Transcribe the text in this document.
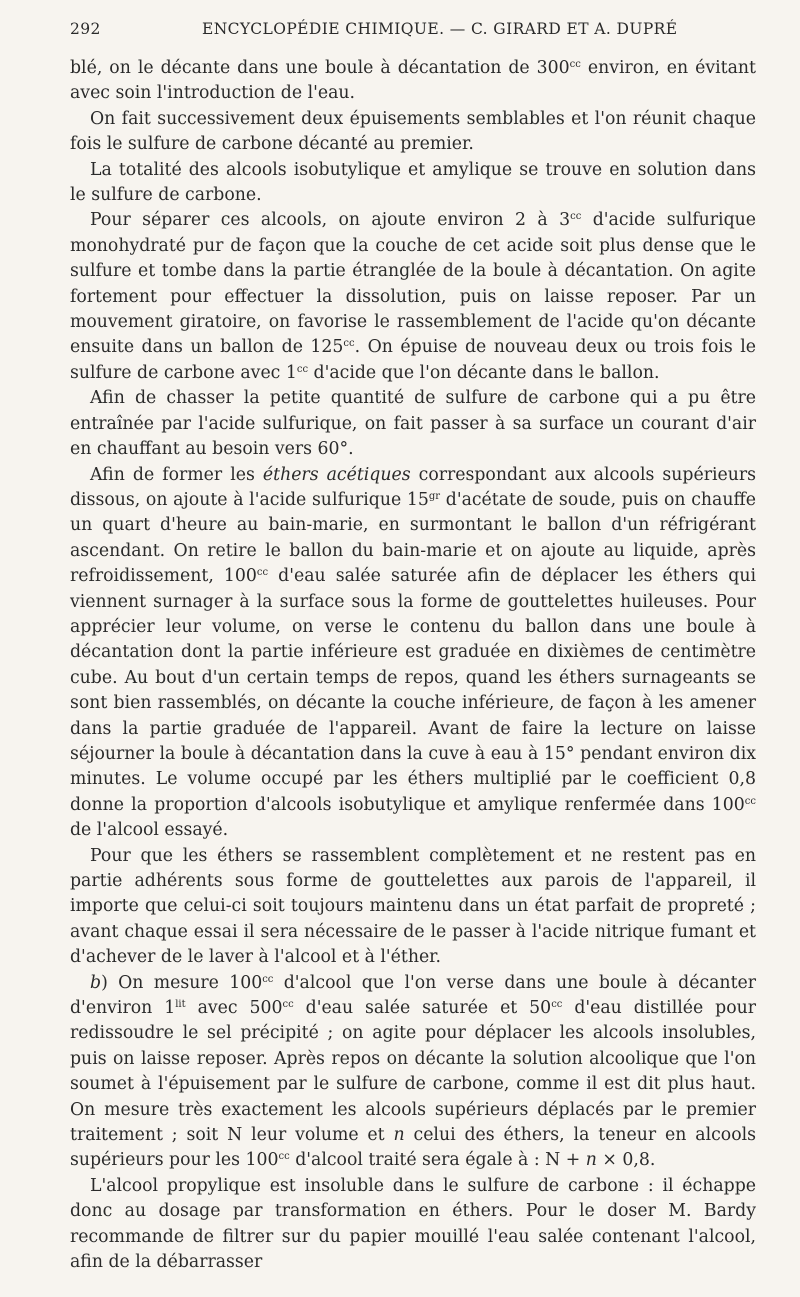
292	ENCYCLOPÉDIE CHIMIQUE. — C. GIRARD ET A. DUPRÉ

blé, on le décante dans une boule à décantation de $300^{cc}$ environ, en évitant avec soin l'introduction de l'eau.

On fait successivement deux épuisements semblables et l'on réunit chaque fois le sulfure de carbone décanté au premier.

La totalité des alcools isobutylique et amylique se trouve en solution dans le sulfure de carbone.

Pour séparer ces alcools, on ajoute environ 2 à $3^{cc}$ d'acide sulfurique monohydraté pur de façon que la couche de cet acide soit plus dense que le sulfure et tombe dans la partie étranglée de la boule à décantation. On agite fortement pour effectuer la dissolution, puis on laisse reposer. Par un mouvement giratoire, on favorise le rassemblement de l'acide qu'on décante ensuite dans un ballon de $125^{cc}$. On épuise de nouveau deux ou trois fois le sulfure de carbone avec $1^{cc}$ d'acide que l'on décante dans le ballon.

Afin de chasser la petite quantité de sulfure de carbone qui a pu être entraînée par l'acide sulfurique, on fait passer à sa surface un courant d'air en chauffant au besoin vers 60°.

Afin de former les éthers acétiques correspondant aux alcools supérieurs dissous, on ajoute à l'acide sulfurique $15^{gr}$ d'acétate de soude, puis on chauffe un quart d'heure au bain-marie, en surmontant le ballon d'un réfrigérant ascendant. On retire le ballon du bain-marie et on ajoute au liquide, après refroidissement, $100^{cc}$ d'eau salée saturée afin de déplacer les éthers qui viennent surnager à la surface sous la forme de gouttelettes huileuses. Pour apprécier leur volume, on verse le contenu du ballon dans une boule à décantation dont la partie inférieure est graduée en dixièmes de centimètre cube. Au bout d'un certain temps de repos, quand les éthers surnageants se sont bien rassemblés, on décante la couche inférieure, de façon à les amener dans la partie graduée de l'appareil. Avant de faire la lecture on laisse séjourner la boule à décantation dans la cuve à eau à 15° pendant environ dix minutes. Le volume occupé par les éthers multiplié par le coefficient 0,8 donne la proportion d'alcools isobutylique et amylique renfermée dans $100^{cc}$ de l'alcool essayé.

Pour que les éthers se rassemblent complètement et ne restent pas en partie adhérents sous forme de gouttelettes aux parois de l'appareil, il importe que celui-ci soit toujours maintenu dans un état parfait de propreté ; avant chaque essai il sera nécessaire de le passer à l'acide nitrique fumant et d'achever de le laver à l'alcool et à l'éther.

b) On mesure $100^{cc}$ d'alcool que l'on verse dans une boule à décanter d'environ $1^{lit}$ avec $500^{cc}$ d'eau salée saturée et $50^{cc}$ d'eau distillée pour redissoudre le sel précipité ; on agite pour déplacer les alcools insolubles, puis on laisse reposer. Après repos on décante la solution alcoolique que l'on soumet à l'épuisement par le sulfure de carbone, comme il est dit plus haut. On mesure très exactement les alcools supérieurs déplacés par le premier traitement ; soit N leur volume et n celui des éthers, la teneur en alcools supérieurs pour les $100^{cc}$ d'alcool traité sera égale à : N + n × 0,8.

L'alcool propylique est insoluble dans le sulfure de carbone : il échappe donc au dosage par transformation en éthers. Pour le doser M. Bardy recommande de filtrer sur du papier mouillé l'eau salée contenant l'alcool, afin de la débarrasser
